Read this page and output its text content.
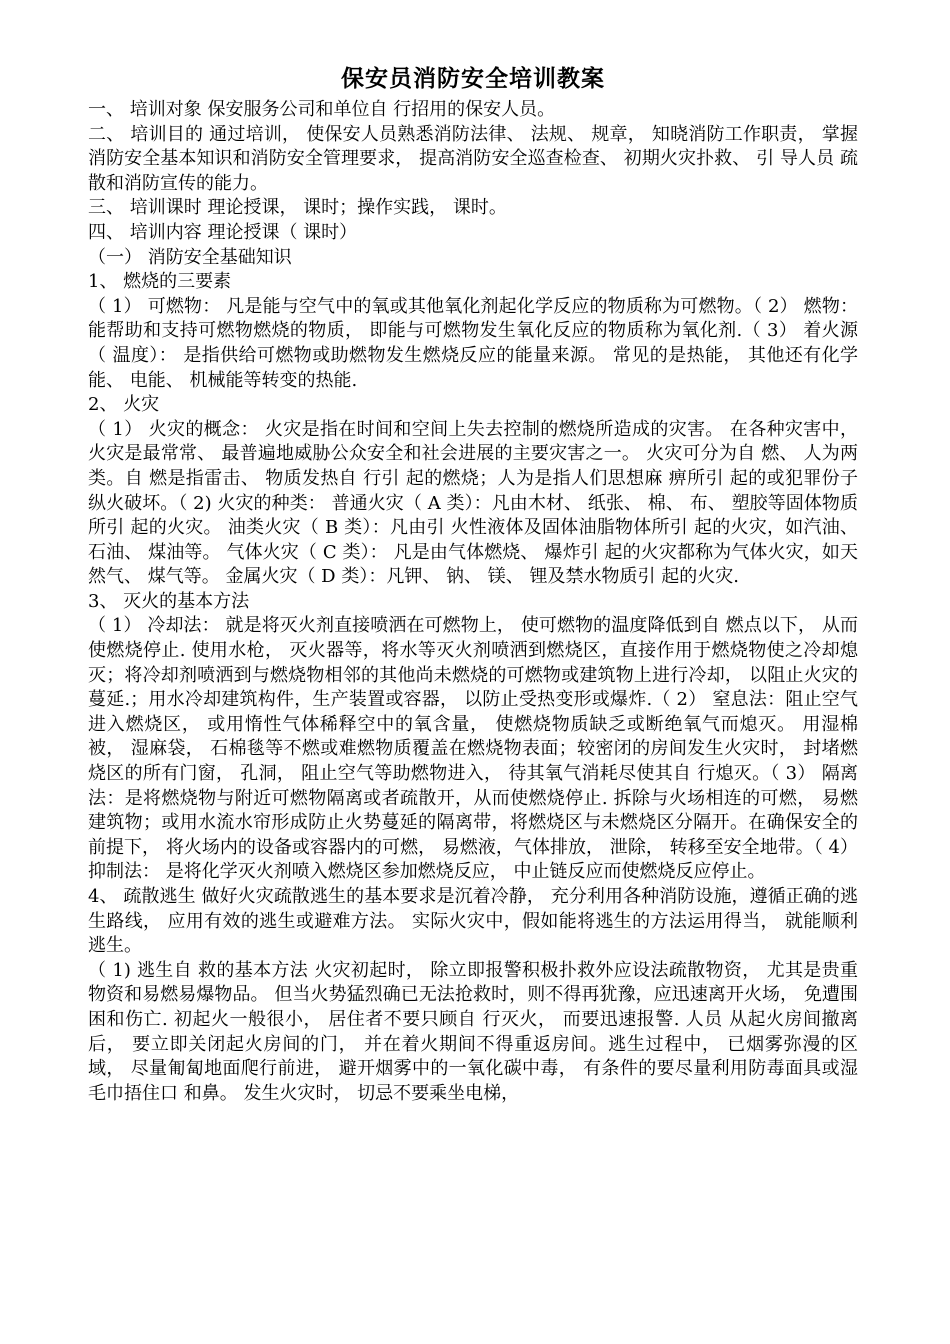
保安员消防安全培训教案

一、 培训对象 保安服务公司和单位自 行招用的保安人员。

二、 培训目的 通过培训， 使保安人员熟悉消防法律、 法规、 规章， 知晓消防工作职责， 掌握消防安全基本知识和消防安全管理要求， 提高消防安全巡查检查、 初期火灾扑救、 引 导人员 疏散和消防宣传的能力。

三、 培训课时 理论授课， 课时；操作实践， 课时。

四、 培训内容 理论授课（ 课时）

（一） 消防安全基础知识

1、 燃烧的三要素

（ 1） 可燃物： 凡是能与空气中的氧或其他氧化剂起化学反应的物质称为可燃物。（ 2） 燃物：能帮助和支持可燃物燃烧的物质， 即能与可燃物发生氧化反应的物质称为氧化剂.（ 3） 着火源（ 温度）： 是指供给可燃物或助燃物发生燃烧反应的能量来源。 常见的是热能， 其他还有化学能、 电能、 机械能等转变的热能.

2、 火灾

（ 1） 火灾的概念： 火灾是指在时间和空间上失去控制的燃烧所造成的灾害。 在各种灾害中， 火灾是最常常、 最普遍地威胁公众安全和社会进展的主要灾害之一。 火灾可分为自 燃、 人为两类。自 燃是指雷击、 物质发热自 行引 起的燃烧；人为是指人们思想麻 痹所引 起的或犯罪份子纵火破坏。（ 2) 火灾的种类： 普通火灾（ A 类）：凡由木材、 纸张、 棉、 布、 塑胶等固体物质所引 起的火灾。 油类火灾（ B 类）：凡由引 火性液体及固体油脂物体所引 起的火灾，如汽油、 石油、 煤油等。 气体火灾（ C 类）： 凡是由气体燃烧、 爆炸引 起的火灾都称为气体火灾，如天然气、 煤气等。 金属火灾（ D 类）：凡钾、 钠、 镁、 锂及禁水物质引 起的火灾.

3、 灭火的基本方法

（ 1） 冷却法： 就是将灭火剂直接喷洒在可燃物上， 使可燃物的温度降低到自 燃点以下， 从而使燃烧停止. 使用水枪， 灭火器等，将水等灭火剂喷洒到燃烧区，直接作用于燃烧物使之冷却熄灭；将冷却剂喷洒到与燃烧物相邻的其他尚未燃烧的可燃物或建筑物上进行冷却， 以阻止火灾的蔓延.；用水冷却建筑构件，生产装置或容器， 以防止受热变形或爆炸.（ 2） 窒息法：阻止空气进入燃烧区， 或用惰性气体稀释空中的氧含量， 使燃烧物质缺乏或断绝氧气而熄灭。 用湿棉被， 湿麻袋， 石棉毯等不燃或难燃物质覆盖在燃烧物表面；较密闭的房间发生火灾时， 封堵燃烧区的所有门窗， 孔洞， 阻止空气等助燃物进入， 待其氧气消耗尽使其自 行熄灭。（ 3） 隔离法：是将燃烧物与附近可燃物隔离或者疏散开，从而使燃烧停止. 拆除与火场相连的可燃， 易燃建筑物；或用水流水帘形成防止火势蔓延的隔离带，将燃烧区与未燃烧区分隔开。在确保安全的前提下， 将火场内的设备或容器内的可燃， 易燃液，气体排放， 泄除， 转移至安全地带。（ 4） 抑制法： 是将化学灭火剂喷入燃烧区参加燃烧反应， 中止链反应而使燃烧反应停止。

4、 疏散逃生 做好火灾疏散逃生的基本要求是沉着冷静， 充分利用各种消防设施，遵循正确的逃生路线， 应用有效的逃生或避难方法。 实际火灾中，假如能将逃生的方法运用得当， 就能顺利逃生。

（ 1) 逃生自 救的基本方法 火灾初起时， 除立即报警积极扑救外应设法疏散物资， 尤其是贵重物资和易燃易爆物品。 但当火势猛烈确已无法抢救时，则不得再犹豫，应迅速离开火场， 免遭围困和伤亡. 初起火一般很小， 居住者不要只顾自 行灭火， 而要迅速报警. 人员 从起火房间撤离后， 要立即关闭起火房间的门， 并在着火期间不得重返房间。逃生过程中， 已烟雾弥漫的区域， 尽量匍匐地面爬行前进， 避开烟雾中的一氧化碳中毒， 有条件的要尽量利用防毒面具或湿毛巾捂住口 和鼻。 发生火灾时， 切忌不要乘坐电梯，
